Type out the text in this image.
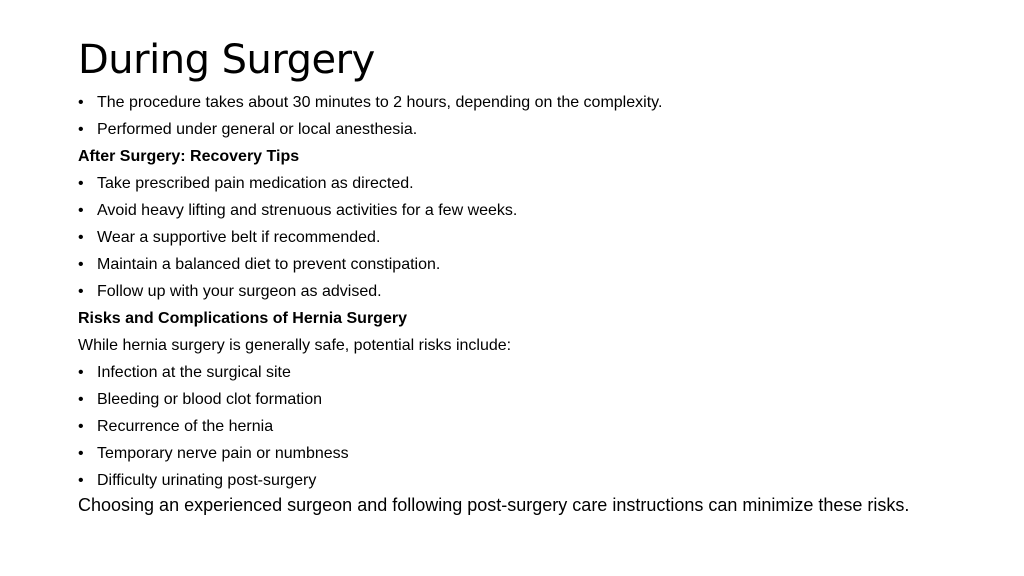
During Surgery
• The procedure takes about 30 minutes to 2 hours, depending on the complexity.
• Performed under general or local anesthesia.
After Surgery: Recovery Tips
• Take prescribed pain medication as directed.
• Avoid heavy lifting and strenuous activities for a few weeks.
• Wear a supportive belt if recommended.
• Maintain a balanced diet to prevent constipation.
• Follow up with your surgeon as advised.
Risks and Complications of Hernia Surgery
While hernia surgery is generally safe, potential risks include:
• Infection at the surgical site
• Bleeding or blood clot formation
• Recurrence of the hernia
• Temporary nerve pain or numbness
• Difficulty urinating post-surgery
Choosing an experienced surgeon and following post-surgery care instructions can minimize these risks.
